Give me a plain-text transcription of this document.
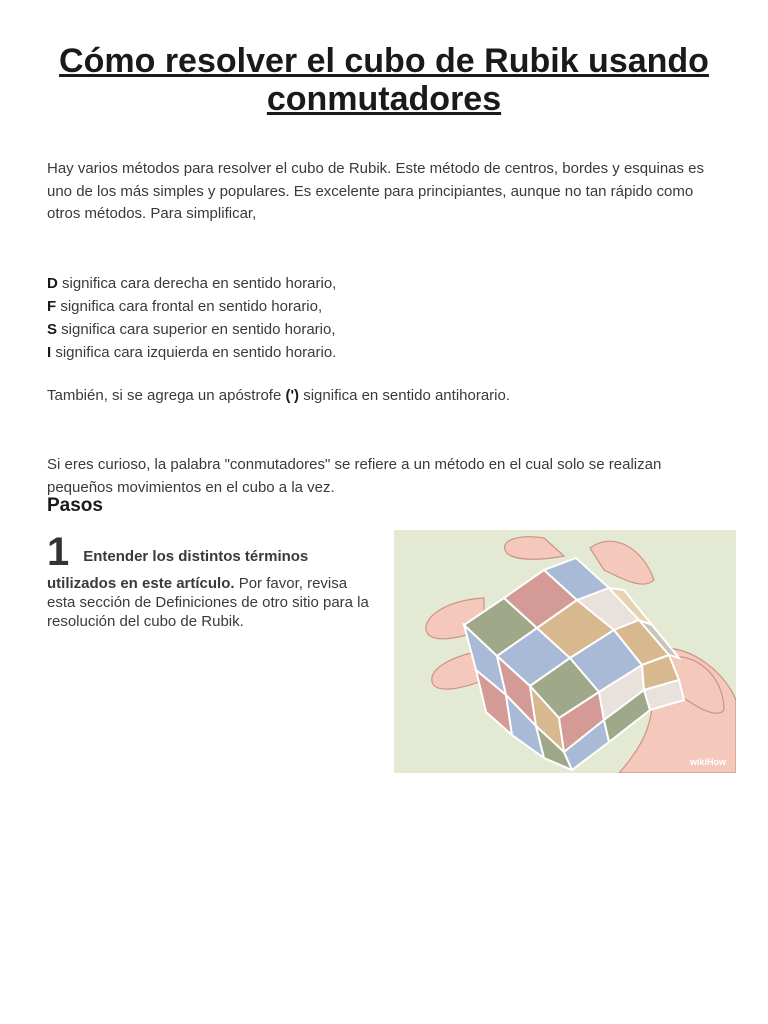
Cómo resolver el cubo de Rubik usando conmutadores

Hay varios métodos para resolver el cubo de Rubik. Este método de centros, bordes y esquinas es uno de los más simples y populares. Es excelente para principiantes, aunque no tan rápido como otros métodos. Para simplificar,

D significa cara derecha en sentido horario,
F significa cara frontal en sentido horario,
S significa cara superior en sentido horario,
I significa cara izquierda en sentido horario.

También, si se agrega un apóstrofe (') significa en sentido antihorario.

Si eres curioso, la palabra "conmutadores" se refiere a un método en el cual solo se realizan pequeños movimientos en el cubo a la vez.

Pasos
1 Entender los distintos términos
utilizados en este artículo. Por favor, revisa
esta sección de Definiciones de otro sitio para la
resolución del cubo de Rubik.
wikiHow
